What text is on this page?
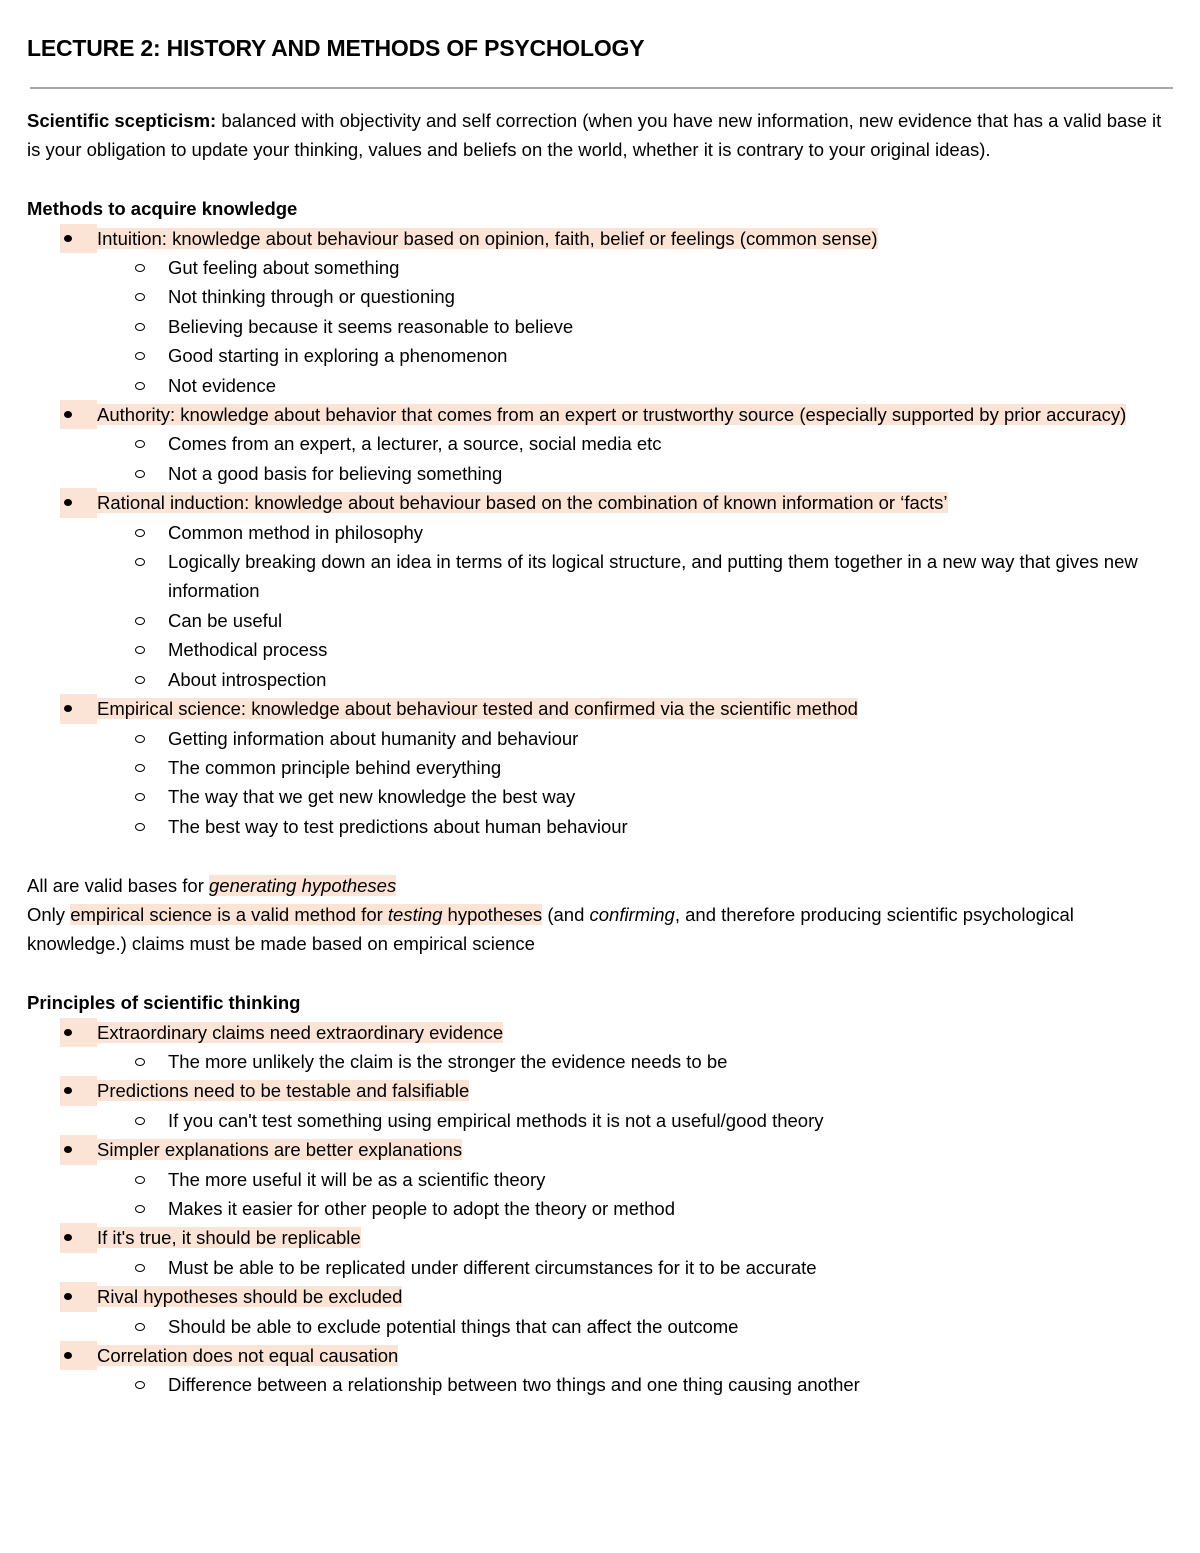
LECTURE 2: HISTORY AND METHODS OF PSYCHOLOGY

Scientific scepticism: balanced with objectivity and self correction (when you have new information, new evidence that has a valid base it is your obligation to update your thinking, values and beliefs on the world, whether it is contrary to your original ideas).

Methods to acquire knowledge

Intuition: knowledge about behaviour based on opinion, faith, belief or feelings (common sense)
Gut feeling about something
Not thinking through or questioning
Believing because it seems reasonable to believe
Good starting in exploring a phenomenon
Not evidence
Authority: knowledge about behavior that comes from an expert or trustworthy source (especially supported by prior accuracy)
Comes from an expert, a lecturer, a source, social media etc
Not a good basis for believing something
Rational induction: knowledge about behaviour based on the combination of known information or ‘facts’
Common method in philosophy
Logically breaking down an idea in terms of its logical structure, and putting them together in a new way that gives new information
Can be useful
Methodical process
About introspection
Empirical science: knowledge about behaviour tested and confirmed via the scientific method
Getting information about humanity and behaviour
The common principle behind everything
The way that we get new knowledge the best way
The best way to test predictions about human behaviour

All are valid bases for generating hypotheses

Only empirical science is a valid method for testing hypotheses (and confirming, and therefore producing scientific psychological knowledge.) claims must be made based on empirical science

Principles of scientific thinking

Extraordinary claims need extraordinary evidence
The more unlikely the claim is the stronger the evidence needs to be
Predictions need to be testable and falsifiable
If you can't test something using empirical methods it is not a useful/good theory
Simpler explanations are better explanations
The more useful it will be as a scientific theory
Makes it easier for other people to adopt the theory or method
If it's true, it should be replicable
Must be able to be replicated under different circumstances for it to be accurate
Rival hypotheses should be excluded
Should be able to exclude potential things that can affect the outcome
Correlation does not equal causation
Difference between a relationship between two things and one thing causing another
